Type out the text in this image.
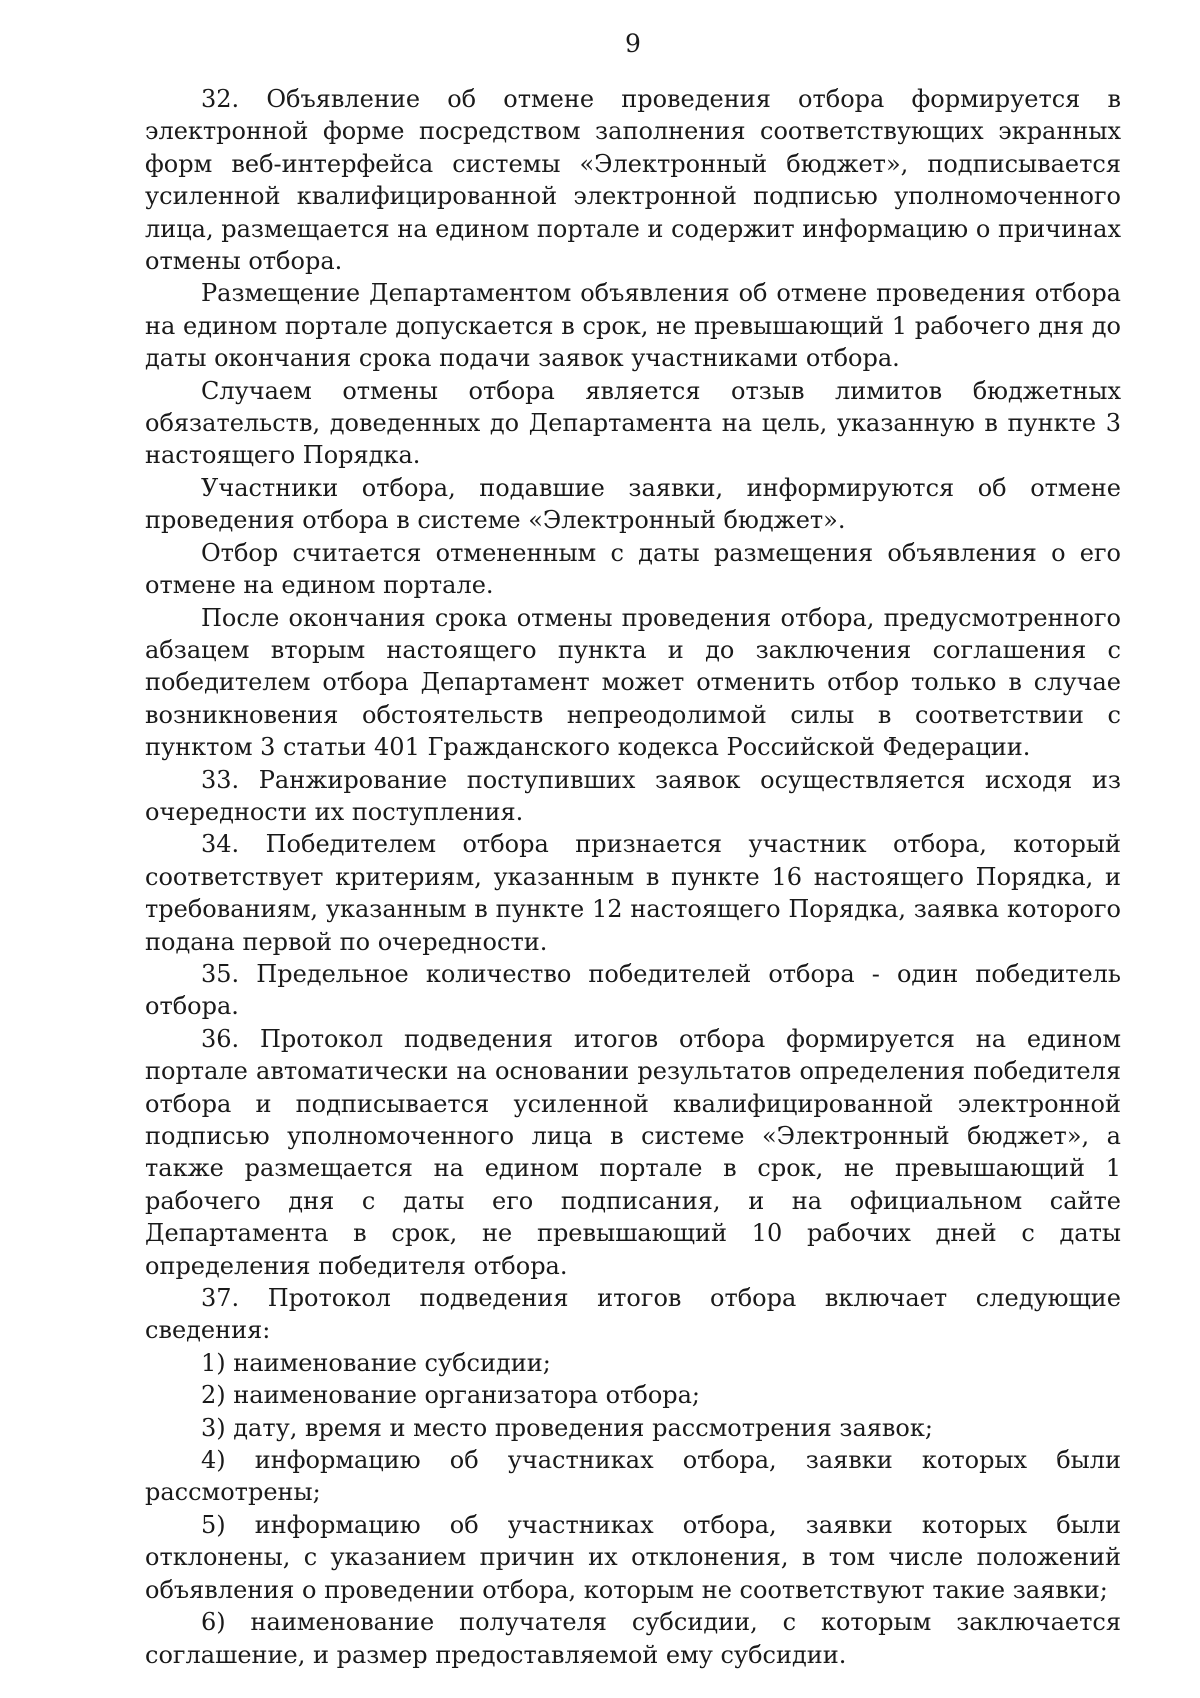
9

32. Объявление об отмене проведения отбора формируется в электронной форме посредством заполнения соответствующих экранных форм веб-интерфейса системы «Электронный бюджет», подписывается усиленной квалифицированной электронной подписью уполномоченного лица, размещается на едином портале и содержит информацию о причинах отмены отбора.

Размещение Департаментом объявления об отмене проведения отбора на едином портале допускается в срок, не превышающий 1 рабочего дня до даты окончания срока подачи заявок участниками отбора.

Случаем отмены отбора является отзыв лимитов бюджетных обязательств, доведенных до Департамента на цель, указанную в пункте 3 настоящего Порядка.

Участники отбора, подавшие заявки, информируются об отмене проведения отбора в системе «Электронный бюджет».

Отбор считается отмененным с даты размещения объявления о его отмене на едином портале.

После окончания срока отмены проведения отбора, предусмотренного абзацем вторым настоящего пункта и до заключения соглашения с победителем отбора Департамент может отменить отбор только в случае возникновения обстоятельств непреодолимой силы в соответствии с пунктом 3 статьи 401 Гражданского кодекса Российской Федерации.

33. Ранжирование поступивших заявок осуществляется исходя из очередности их поступления.

34. Победителем отбора признается участник отбора, который соответствует критериям, указанным в пункте 16 настоящего Порядка, и требованиям, указанным в пункте 12 настоящего Порядка, заявка которого подана первой по очередности.

35. Предельное количество победителей отбора - один победитель отбора.

36. Протокол подведения итогов отбора формируется на едином портале автоматически на основании результатов определения победителя отбора и подписывается усиленной квалифицированной электронной подписью уполномоченного лица в системе «Электронный бюджет», а также размещается на едином портале в срок, не превышающий 1 рабочего дня с даты его подписания, и на официальном сайте Департамента в срок, не превышающий 10 рабочих дней с даты определения победителя отбора.

37. Протокол подведения итогов отбора включает следующие сведения:

1) наименование субсидии;

2) наименование организатора отбора;

3) дату, время и место проведения рассмотрения заявок;

4) информацию об участниках отбора, заявки которых были рассмотрены;

5) информацию об участниках отбора, заявки которых были отклонены, с указанием причин их отклонения, в том числе положений объявления о проведении отбора, которым не соответствуют такие заявки;

6) наименование получателя субсидии, с которым заключается соглашение, и размер предоставляемой ему субсидии.
